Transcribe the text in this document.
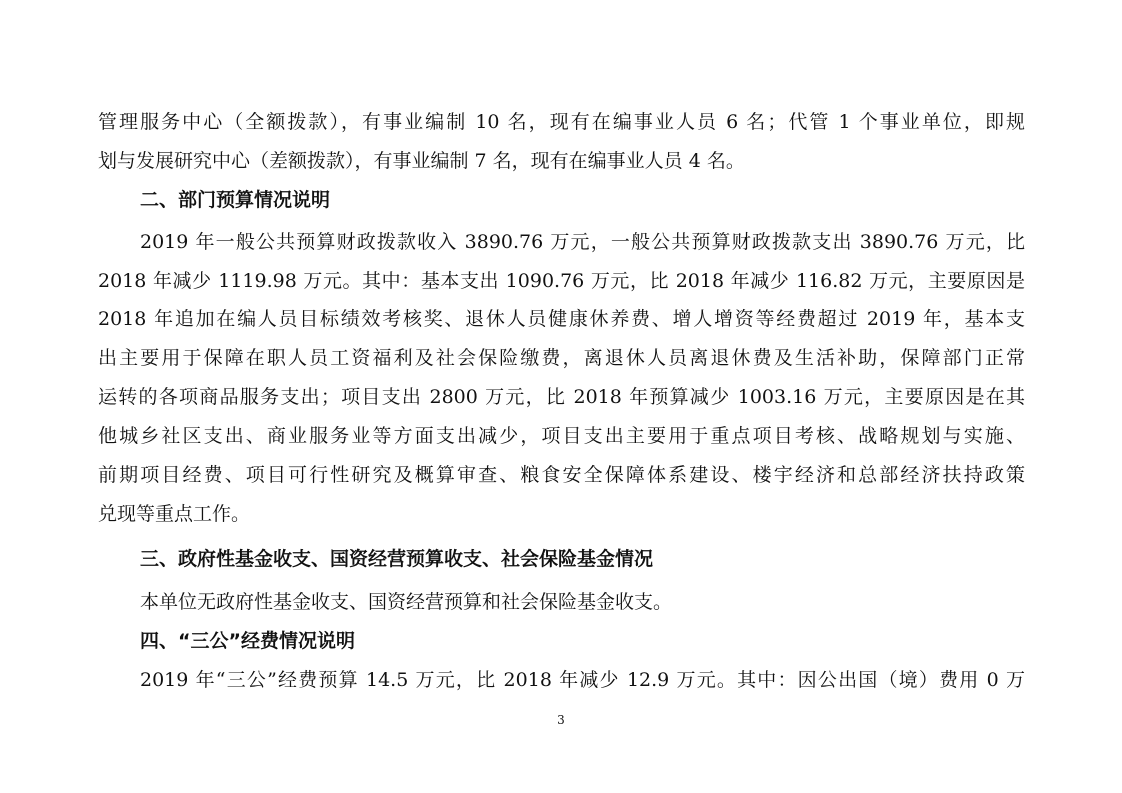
管理服务中心（全额拨款），有事业编制 10 名，现有在编事业人员 6 名；代管 1 个事业单位，即规
划与发展研究中心（差额拨款），有事业编制 7 名，现有在编事业人员 4 名。
二、部门预算情况说明
2019 年一般公共预算财政拨款收入 3890.76 万元，一般公共预算财政拨款支出 3890.76 万元，比
2018 年减少 1119.98 万元。其中：基本支出 1090.76 万元，比 2018 年减少 116.82 万元，主要原因是
2018 年追加在编人员目标绩效考核奖、退休人员健康休养费、增人增资等经费超过 2019 年，基本支
出主要用于保障在职人员工资福利及社会保险缴费，离退休人员离退休费及生活补助，保障部门正常
运转的各项商品服务支出；项目支出 2800 万元，比 2018 年预算减少 1003.16 万元，主要原因是在其
他城乡社区支出、商业服务业等方面支出减少，项目支出主要用于重点项目考核、战略规划与实施、
前期项目经费、项目可行性研究及概算审查、粮食安全保障体系建设、楼宇经济和总部经济扶持政策
兑现等重点工作。
三、政府性基金收支、国资经营预算收支、社会保险基金情况
本单位无政府性基金收支、国资经营预算和社会保险基金收支。
四、“三公”经费情况说明
2019 年“三公”经费预算 14.5 万元，比 2018 年减少 12.9 万元。其中：因公出国（境）费用 0 万
3
